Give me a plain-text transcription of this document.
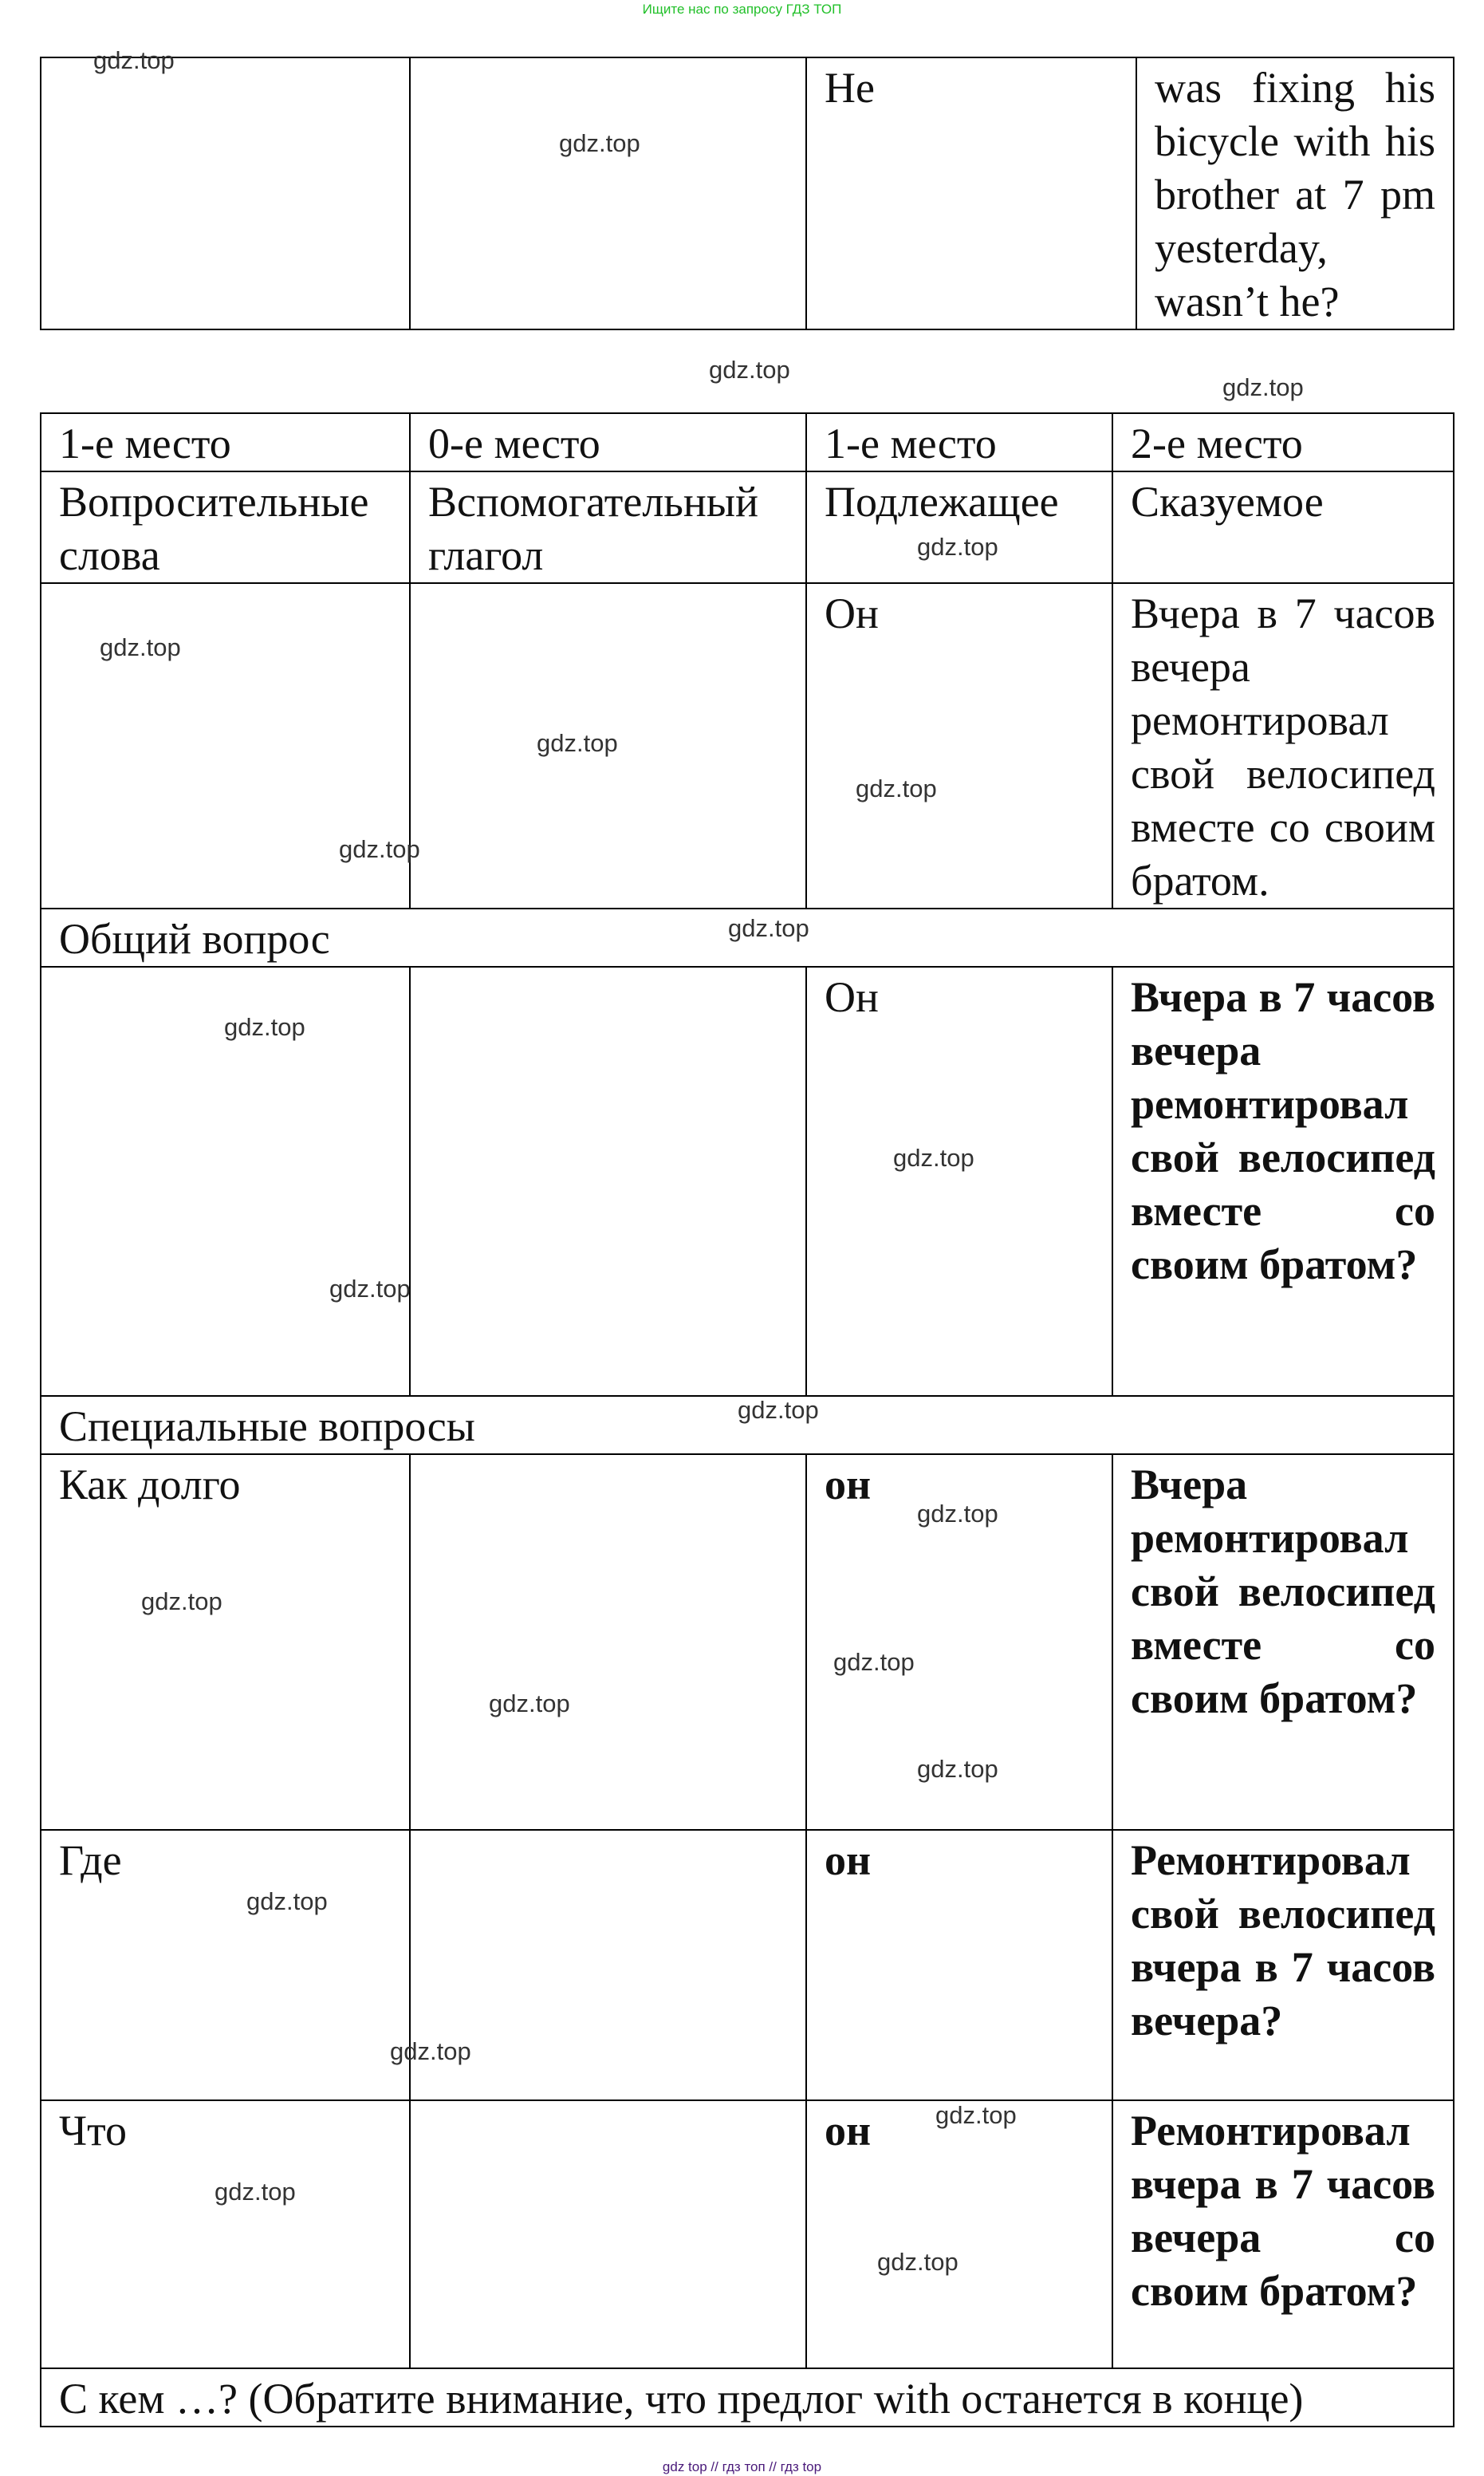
Ищите нас по запросу ГДЗ ТОП
		He	was fixing his bicycle with his brother at 7 pm yesterday, wasn’t he?
1-е место	0-е место	1-е место	2-е место
Вопросительные слова	Вспомогательный глагол	Подлежащее	Сказуемое
		Он	Вчера в 7 часов вечера ремонтировал свой велосипед вместе со своим братом.
Общий вопрос			
		Он	Вчера в 7 часов вечера ремонтировал свой велосипед вместе со своим братом?
Специальные вопросы			
Как долго		он	Вчера ремонтировал свой велосипед вместе со своим братом?
Где		он	Ремонтировал свой велосипед вчера в 7 часов вечера?
Что		он	Ремонтировал вчера в 7 часов вечера со своим братом?
С кем …? (Обратите внимание, что предлог with останется в конце)			
gdz.top
gdz.top
gdz.top
gdz.top
gdz.top
gdz.top
gdz.top
gdz.top
gdz.top
gdz.top
gdz.top
gdz.top
gdz.top
gdz.top
gdz.top
gdz.top
gdz.top
gdz.top
gdz.top
gdz.top
gdz.top
gdz.top
gdz.top
gdz.top
gdz top // гдз топ // гдз top
